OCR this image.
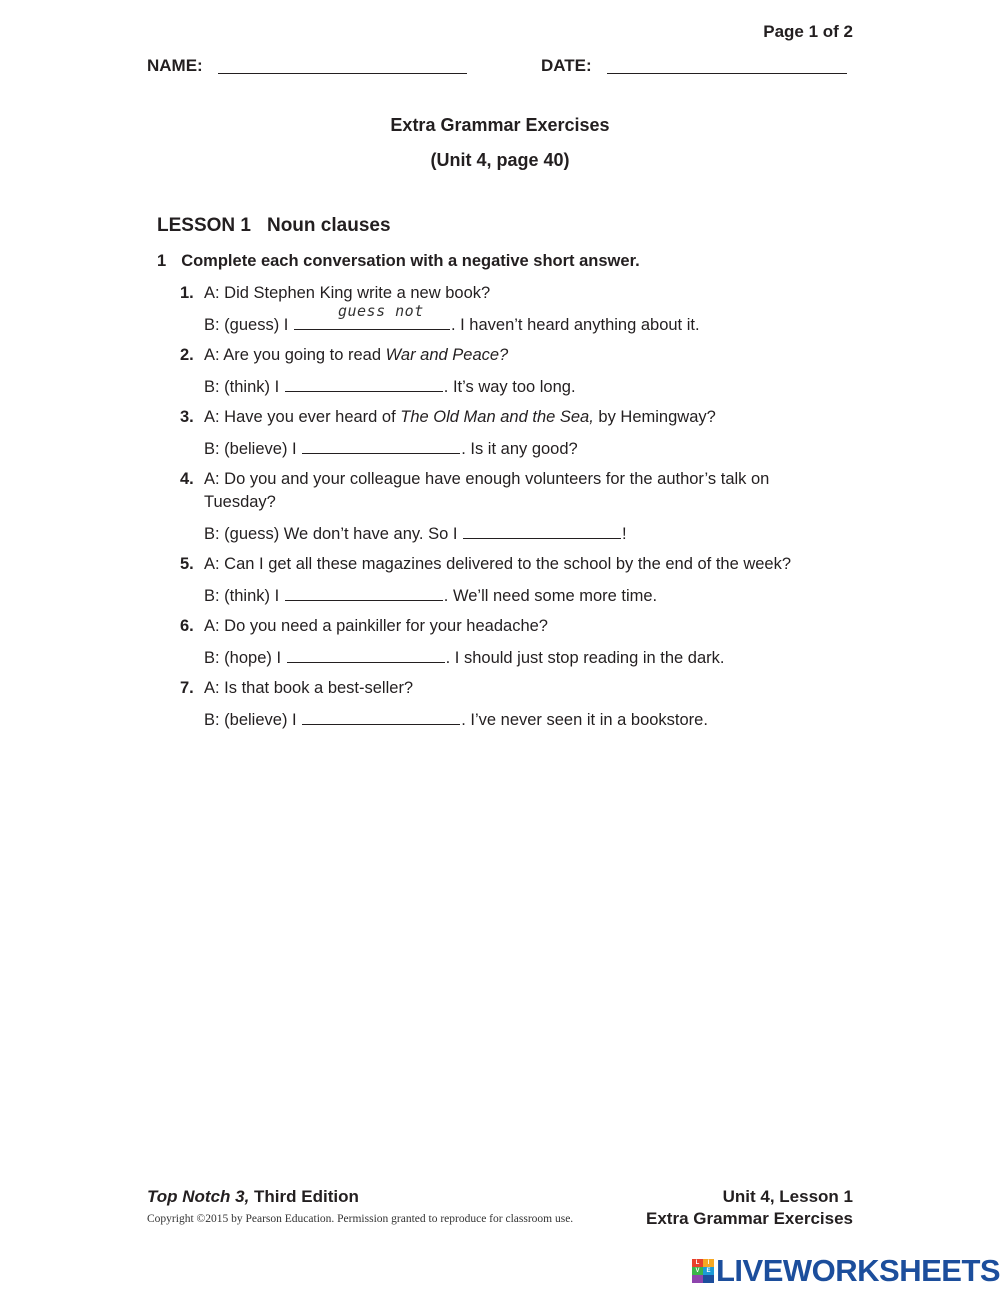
Page 1 of 2
NAME:	DATE:
Extra Grammar Exercises
(Unit 4, page 40)
LESSON 1 Noun clauses
1 Complete each conversation with a negative short answer.
1. A: Did Stephen King write a new book?
B: (guess) I
guess not
. I haven’t heard anything about it.
2. A: Are you going to read War and Peace?
B: (think) I	. It’s way too long.
3. A: Have you ever heard of The Old Man and the Sea, by Hemingway?
B: (believe) I	. Is it any good?
4. A: Do you and your colleague have enough volunteers for the author’s talk on Tuesday?
B: (guess) We don’t have any. So I	!
5. A: Can I get all these magazines delivered to the school by the end of the week?
B: (think) I	. We’ll need some more time.
6. A: Do you need a painkiller for your headache?
B: (hope) I	. I should just stop reading in the dark.
7. A: Is that book a best-seller?
B: (believe) I	. I’ve never seen it in a bookstore.
Top Notch 3, Third Edition
Copyright ©2015 by Pearson Education. Permission granted to reproduce for classroom use.
Unit 4, Lesson 1
Extra Grammar Exercises
L	I
V	E LIVEWORKSHEETS
